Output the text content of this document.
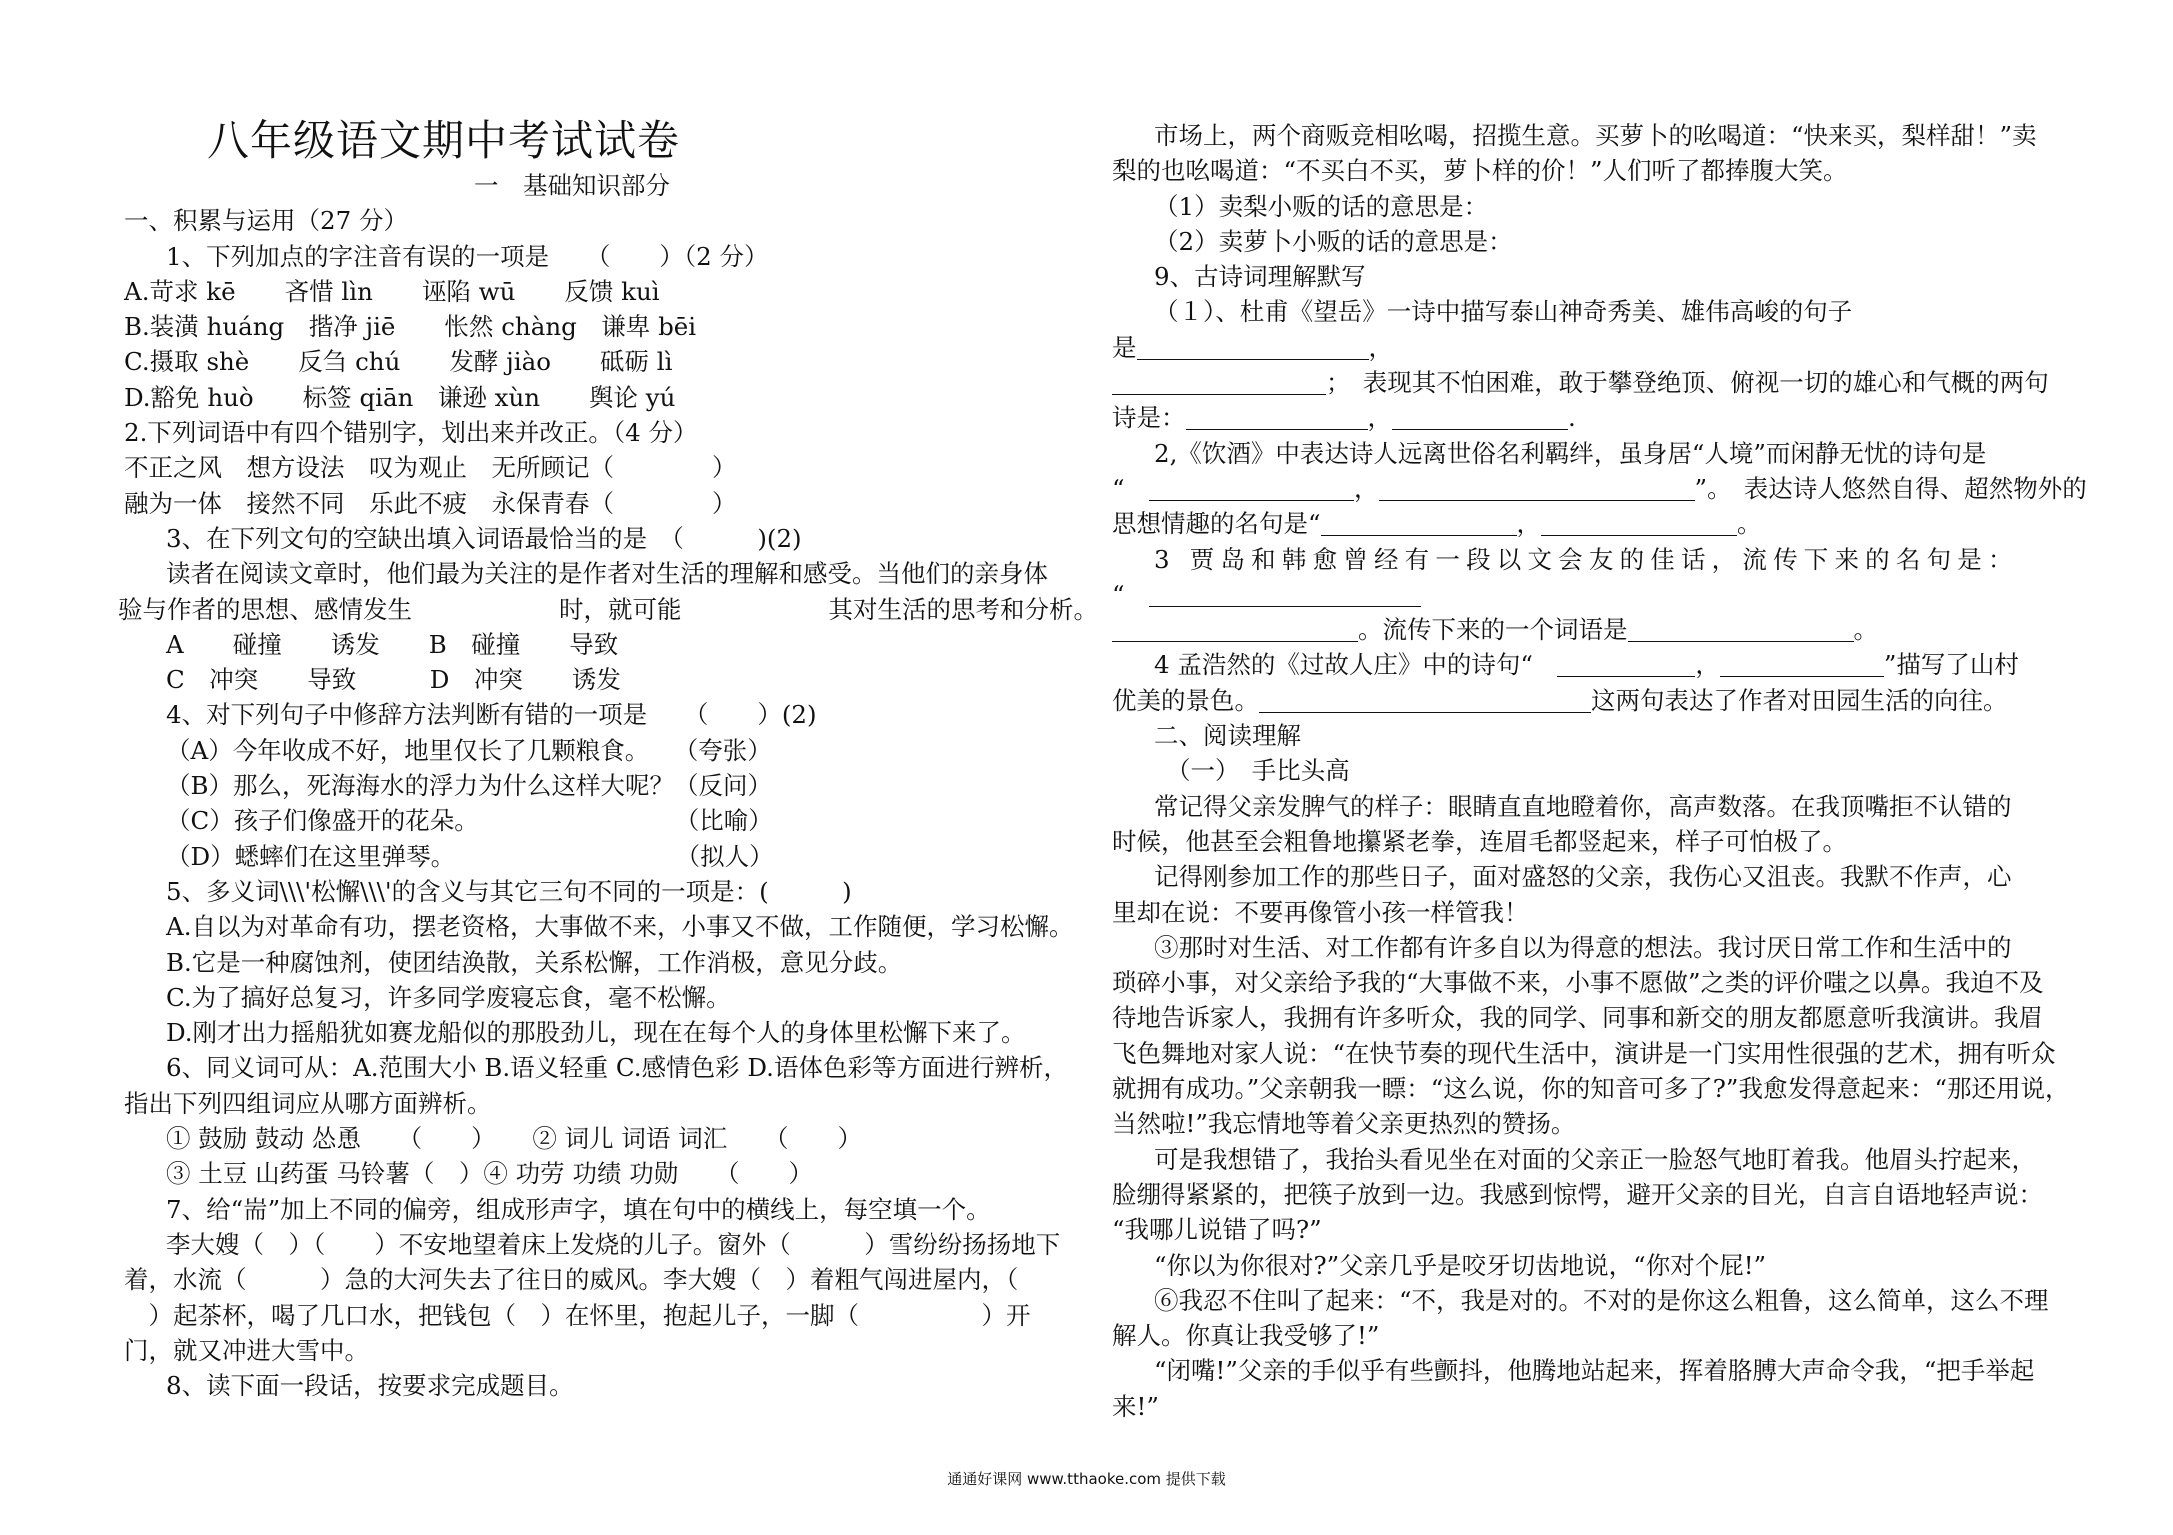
八年级语文期中考试试卷
一　基础知识部分
一、积累与运用（27 分）
1、下列加点的字注音有误的一项是　　（　　）（2 分）
A.苛求 kē　　吝惜 lìn　　诬陷 wū　　反馈 kuì
B.装潢 huáng　揩净 jiē　　怅然 chàng　谦卑 bēi
C.摄取 shè　　反刍 chú　　发酵 jiào　　砥砺 lì
D.豁免 huò　　标签 qiān　谦逊 xùn　　舆论 yú
2.下列词语中有四个错别字，划出来并改正。（4 分）
不正之风　想方设法　叹为观止　无所顾记（　　　　）
融为一体　接然不同　乐此不疲　永保青春（　　　　）
3、在下列文句的空缺出填入词语最恰当的是　（　　　)(2)
读者在阅读文章时，他们最为关注的是作者对生活的理解和感受。当他们的亲身体
验与作者的思想、感情发生　　　　　　时，就可能　　　　　　其对生活的思考和分析。
A　　碰撞　　诱发　　B　碰撞　　导致
C　冲突　　导致　　　D　冲突　　诱发
4、对下列句子中修辞方法判断有错的一项是　　（　　）(2)
（A）今年收成不好，地里仅长了几颗粮食。　　（夸张）
（B）那么，死海海水的浮力为什么这样大呢？（反问）
（C）孩子们像盛开的花朵。　　　　　　　　　（比喻）
（D）蟋蟀们在这里弹琴。　　　　　　　　　　（拟人）
5、多义词\\\'松懈\\\'的含义与其它三句不同的一项是：(　　　)
A.自以为对革命有功，摆老资格，大事做不来，小事又不做，工作随便，学习松懈。
B.它是一种腐蚀剂，使团结涣散，关系松懈，工作消极，意见分歧。
C.为了搞好总复习，许多同学废寝忘食，毫不松懈。
D.刚才出力摇船犹如赛龙船似的那股劲儿，现在在每个人的身体里松懈下来了。
6、同义词可从：A.范围大小 B.语义轻重 C.感情色彩 D.语体色彩等方面进行辨析，
指出下列四组词应从哪方面辨析。
① 鼓励 鼓动 怂恿　　（　　）　　② 词儿 词语 词汇　　（　　）
③ 土豆 山药蛋 马铃薯（　）④ 功劳 功绩 功勋　　（　　）
7、给“耑”加上不同的偏旁，组成形声字，填在句中的横线上，每空填一个。
李大嫂（　）（　　）不安地望着床上发烧的儿子。窗外（　　　）雪纷纷扬扬地下
着，水流（　　　）急的大河失去了往日的威风。李大嫂（　）着粗气闯进屋内，（　　
　）起茶杯，喝了几口水，把钱包（　）在怀里，抱起儿子，一脚（　　　　　）开
门，就又冲进大雪中。
8、读下面一段话，按要求完成题目。
市场上，两个商贩竞相吆喝，招揽生意。买萝卜的吆喝道：“快来买，梨样甜！”卖
梨的也吆喝道：“不买白不买，萝卜样的价！”人们听了都捧腹大笑。
（1）卖梨小贩的话的意思是：
（2）卖萝卜小贩的话的意思是：
9、古诗词理解默写
（１）、杜甫《望岳》一诗中描写泰山神奇秀美、雄伟高峻的句子
是	，
；　表现其不怕困难，敢于攀登绝顶、俯视一切的雄心和气概的两句
诗是：	，	.
2,《饮酒》中表达诗人远离世俗名利羁绊，虽身居“人境”而闲静无忧的诗句是
“　	，	”。　表达诗人悠然自得、超然物外的
思想情趣的名句是“	，	。
3 贾岛和韩愈曾经有一段以文会友的佳话，流传下来的名句是：
“　
。流传下来的一个词语是	。
4 孟浩然的《过故人庄》中的诗句“　	，	”描写了山村
优美的景色。	这两句表达了作者对田园生活的向往。
二、阅读理解
（一）　手比头高
常记得父亲发脾气的样子：眼睛直直地瞪着你，高声数落。在我顶嘴拒不认错的
时候，他甚至会粗鲁地攥紧老拳，连眉毛都竖起来，样子可怕极了。
记得刚参加工作的那些日子，面对盛怒的父亲，我伤心又沮丧。我默不作声，心
里却在说：不要再像管小孩一样管我！
③那时对生活、对工作都有许多自以为得意的想法。我讨厌日常工作和生活中的
琐碎小事，对父亲给予我的“大事做不来，小事不愿做”之类的评价嗤之以鼻。我迫不及
待地告诉家人，我拥有许多听众，我的同学、同事和新交的朋友都愿意听我演讲。我眉
飞色舞地对家人说：“在快节奏的现代生活中，演讲是一门实用性很强的艺术，拥有听众
就拥有成功。”父亲朝我一瞟：“这么说，你的知音可多了?”我愈发得意起来：“那还用说，
当然啦!”我忘情地等着父亲更热烈的赞扬。
可是我想错了，我抬头看见坐在对面的父亲正一脸怒气地盯着我。他眉头拧起来，
脸绷得紧紧的，把筷子放到一边。我感到惊愕，避开父亲的目光，自言自语地轻声说：
“我哪儿说错了吗?”
“你以为你很对?”父亲几乎是咬牙切齿地说，“你对个屁!”
⑥我忍不住叫了起来：“不，我是对的。不对的是你这么粗鲁，这么简单，这么不理
解人。你真让我受够了!”
“闭嘴!”父亲的手似乎有些颤抖，他腾地站起来，挥着胳膊大声命令我，“把手举起
来!”
通通好课网 www.tthaoke.com 提供下载
